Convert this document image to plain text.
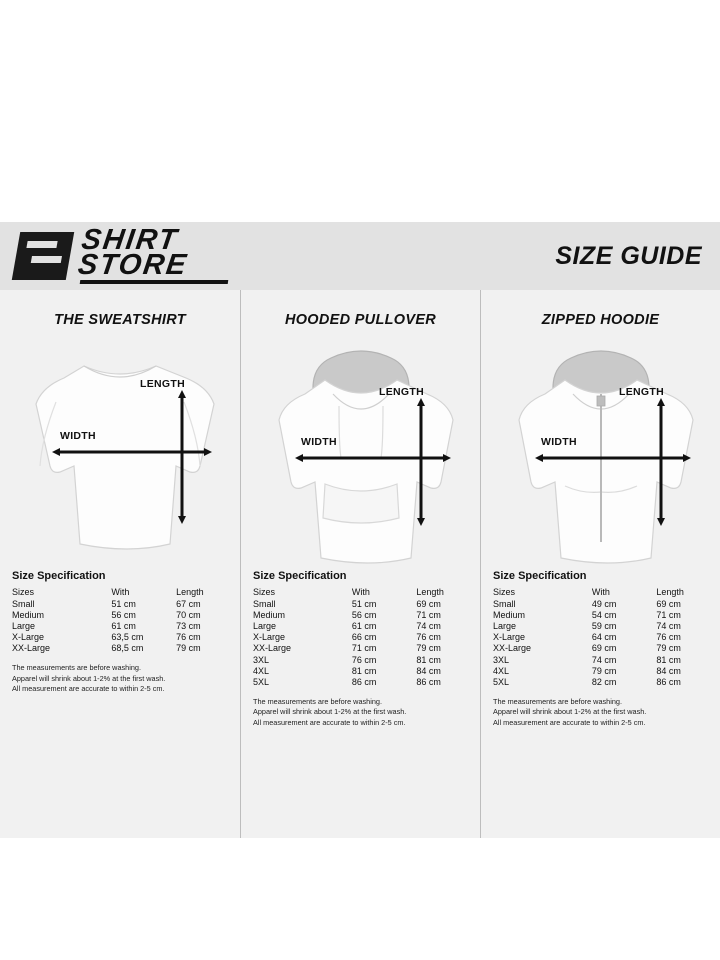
SHIRT
STORE	SIZE GUIDE
THE SWEATSHIRT
LENGTH
WIDTH
Size Specification
Sizes	With	Length
Small	51 cm	67 cm
Medium	56 cm	70 cm
Large	61 cm	73 cm
X-Large	63,5 cm	76 cm
XX-Large	68,5 cm	79 cm
The measurements are before washing.
Apparel will shrink about 1-2% at the first wash.
All measurement are accurate to within 2-5 cm.
HOODED PULLOVER
LENGTH
WIDTH
Size Specification
Sizes	With	Length
Small	51 cm	69 cm
Medium	56 cm	71 cm
Large	61 cm	74 cm
X-Large	66 cm	76 cm
XX-Large	71 cm	79 cm
3XL	76 cm	81 cm
4XL	81 cm	84 cm
5XL	86 cm	86 cm
The measurements are before washing.
Apparel will shrink about 1-2% at the first wash.
All measurement are accurate to within 2-5 cm.
ZIPPED HOODIE
LENGTH
WIDTH
Size Specification
Sizes	With	Length
Small	49 cm	69 cm
Medium	54 cm	71 cm
Large	59 cm	74 cm
X-Large	64 cm	76 cm
XX-Large	69 cm	79 cm
3XL	74 cm	81 cm
4XL	79 cm	84 cm
5XL	82 cm	86 cm
The measurements are before washing.
Apparel will shrink about 1-2% at the first wash.
All measurement are accurate to within 2-5 cm.
